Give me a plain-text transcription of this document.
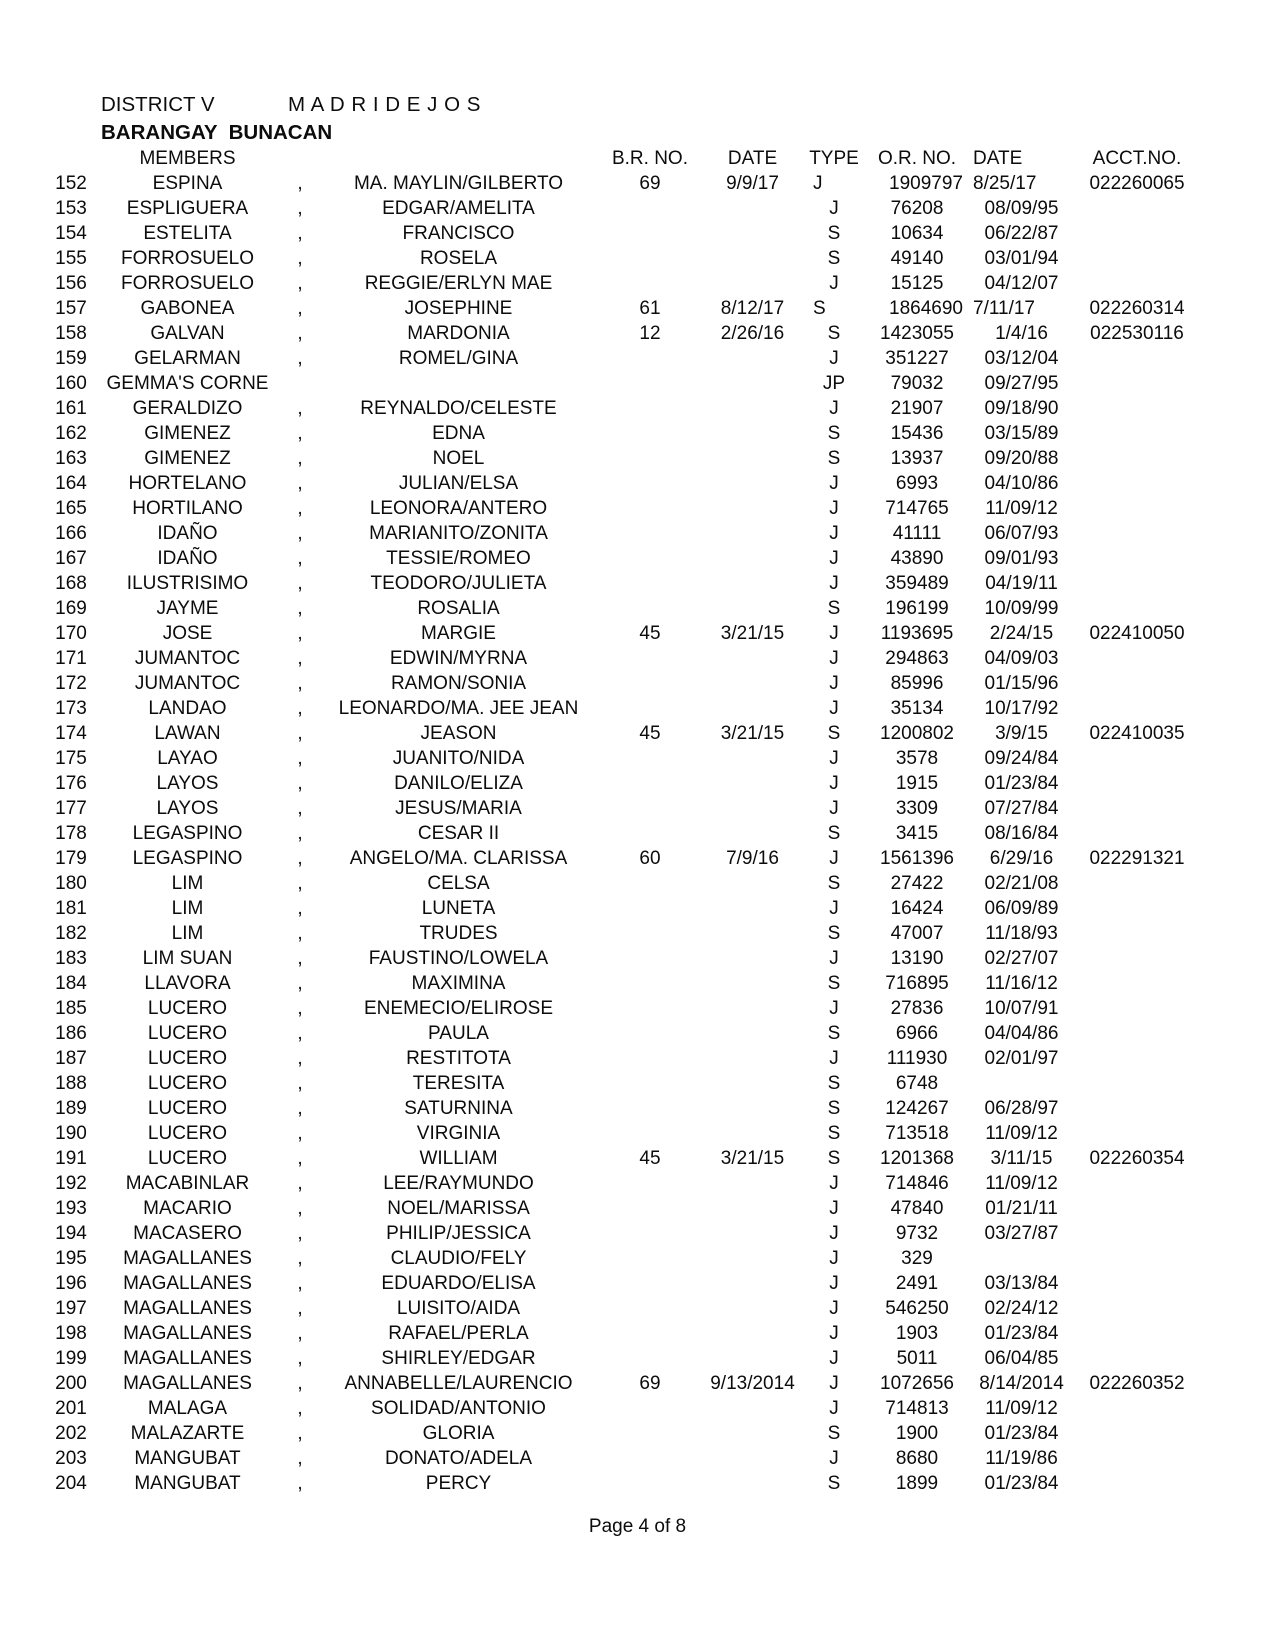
DISTRICT V

	M A D R I D E J O S

BARANGAY  BUNACAN
	MEMBERS			B.R. NO.	DATE	TYPE	O.R. NO.	DATE	ACCT.NO.
152	ESPINA	,	MA. MAYLIN/GILBERTO	69	9/9/17	J	1909797	8/25/17	022260065
153	ESPLIGUERA	,	EDGAR/AMELITA			J	76208	08/09/95	
154	ESTELITA	,	FRANCISCO			S	10634	06/22/87	
155	FORROSUELO	,	ROSELA			S	49140	03/01/94	
156	FORROSUELO	,	REGGIE/ERLYN MAE			J	15125	04/12/07	
157	GABONEA	,	JOSEPHINE	61	8/12/17	S	1864690	7/11/17	022260314
158	GALVAN	,	MARDONIA	12	2/26/16	S	1423055	1/4/16	022530116
159	GELARMAN	,	ROMEL/GINA			J	351227	03/12/04	
160	GEMMA'S CORNE					JP	79032	09/27/95	
161	GERALDIZO	,	REYNALDO/CELESTE			J	21907	09/18/90	
162	GIMENEZ	,	EDNA			S	15436	03/15/89	
163	GIMENEZ	,	NOEL			S	13937	09/20/88	
164	HORTELANO	,	JULIAN/ELSA			J	6993	04/10/86	
165	HORTILANO	,	LEONORA/ANTERO			J	714765	11/09/12	
166	IDAÑO	,	MARIANITO/ZONITA			J	41111	06/07/93	
167	IDAÑO	,	TESSIE/ROMEO			J	43890	09/01/93	
168	ILUSTRISIMO	,	TEODORO/JULIETA			J	359489	04/19/11	
169	JAYME	,	ROSALIA			S	196199	10/09/99	
170	JOSE	,	MARGIE	45	3/21/15	J	1193695	2/24/15	022410050
171	JUMANTOC	,	EDWIN/MYRNA			J	294863	04/09/03	
172	JUMANTOC	,	RAMON/SONIA			J	85996	01/15/96	
173	LANDAO	,	LEONARDO/MA. JEE JEAN			J	35134	10/17/92	
174	LAWAN	,	JEASON	45	3/21/15	S	1200802	3/9/15	022410035
175	LAYAO	,	JUANITO/NIDA			J	3578	09/24/84	
176	LAYOS	,	DANILO/ELIZA			J	1915	01/23/84	
177	LAYOS	,	JESUS/MARIA			J	3309	07/27/84	
178	LEGASPINO	,	CESAR II			S	3415	08/16/84	
179	LEGASPINO	,	ANGELO/MA. CLARISSA	60	7/9/16	J	1561396	6/29/16	022291321
180	LIM	,	CELSA			S	27422	02/21/08	
181	LIM	,	LUNETA			J	16424	06/09/89	
182	LIM	,	TRUDES			S	47007	11/18/93	
183	LIM SUAN	,	FAUSTINO/LOWELA			J	13190	02/27/07	
184	LLAVORA	,	MAXIMINA			S	716895	11/16/12	
185	LUCERO	,	ENEMECIO/ELIROSE			J	27836	10/07/91	
186	LUCERO	,	PAULA			S	6966	04/04/86	
187	LUCERO	,	RESTITOTA			J	111930	02/01/97	
188	LUCERO	,	TERESITA			S	6748		
189	LUCERO	,	SATURNINA			S	124267	06/28/97	
190	LUCERO	,	VIRGINIA			S	713518	11/09/12	
191	LUCERO	,	WILLIAM	45	3/21/15	S	1201368	3/11/15	022260354
192	MACABINLAR	,	LEE/RAYMUNDO			J	714846	11/09/12	
193	MACARIO	,	NOEL/MARISSA			J	47840	01/21/11	
194	MACASERO	,	PHILIP/JESSICA			J	9732	03/27/87	
195	MAGALLANES	,	CLAUDIO/FELY			J	329		
196	MAGALLANES	,	EDUARDO/ELISA			J	2491	03/13/84	
197	MAGALLANES	,	LUISITO/AIDA			J	546250	02/24/12	
198	MAGALLANES	,	RAFAEL/PERLA			J	1903	01/23/84	
199	MAGALLANES	,	SHIRLEY/EDGAR			J	5011	06/04/85	
200	MAGALLANES	,	ANNABELLE/LAURENCIO	69	9/13/2014	J	1072656	8/14/2014	022260352
201	MALAGA	,	SOLIDAD/ANTONIO			J	714813	11/09/12	
202	MALAZARTE	,	GLORIA			S	1900	01/23/84	
203	MANGUBAT	,	DONATO/ADELA			J	8680	11/19/86	
204	MANGUBAT	,	PERCY			S	1899	01/23/84	
Page 4 of 8
